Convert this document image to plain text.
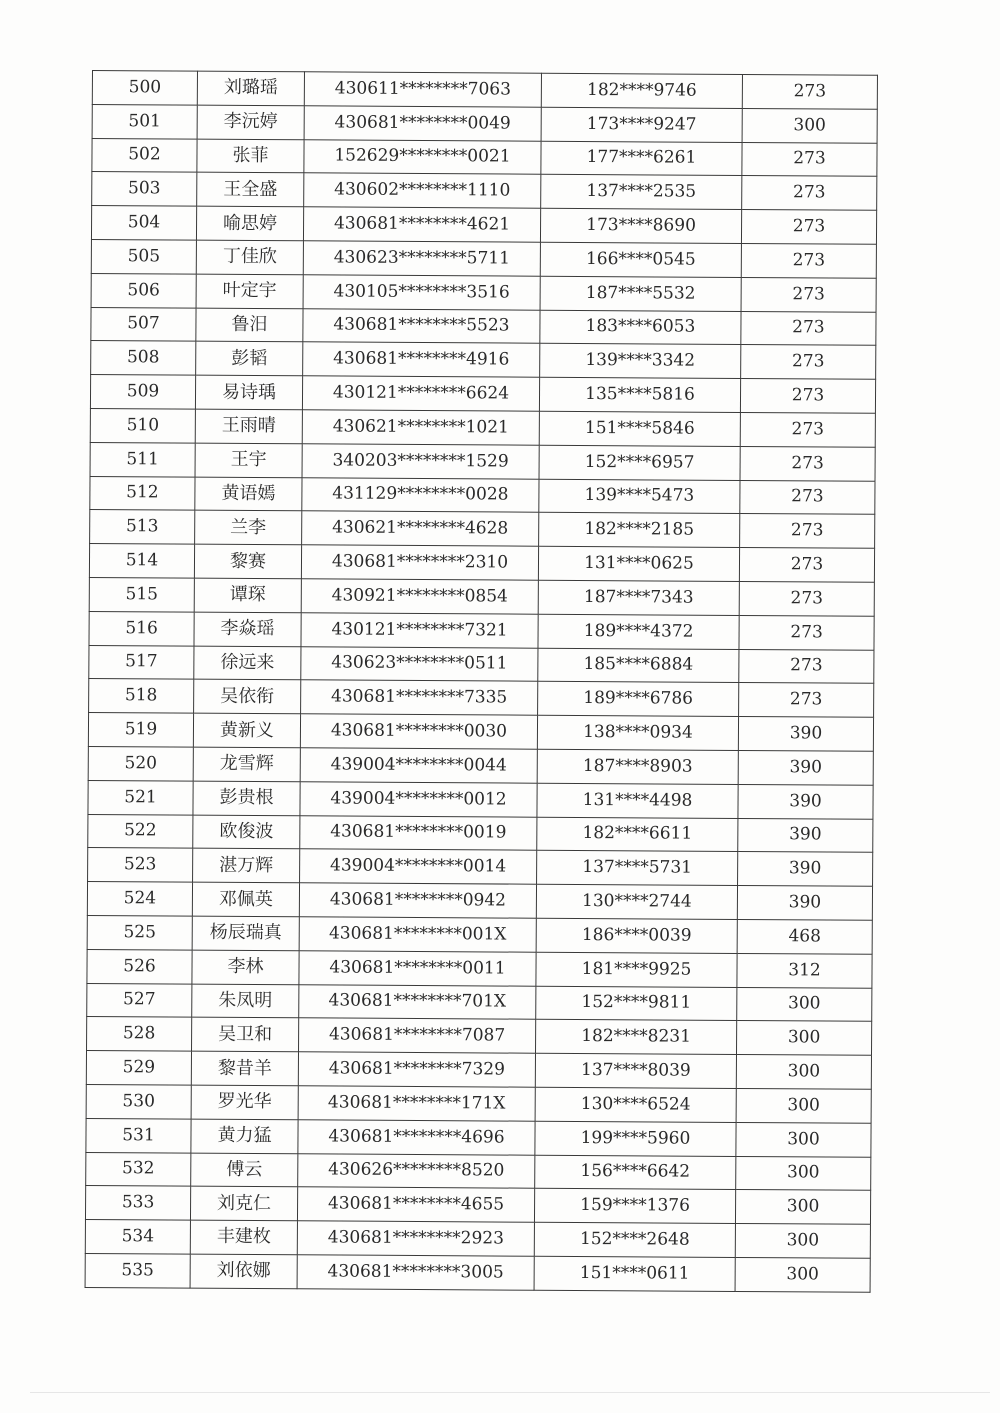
500	刘璐瑶	430611********7063	182****9746	273
501	李沅婷	430681********0049	173****9247	300
502	张菲	152629********0021	177****6261	273
503	王全盛	430602********1110	137****2535	273
504	喻思婷	430681********4621	173****8690	273
505	丁佳欣	430623********5711	166****0545	273
506	叶定宇	430105********3516	187****5532	273
507	鲁汨	430681********5523	183****6053	273
508	彭韬	430681********4916	139****3342	273
509	易诗瑀	430121********6624	135****5816	273
510	王雨晴	430621********1021	151****5846	273
511	王宇	340203********1529	152****6957	273
512	黄语嫣	431129********0028	139****5473	273
513	兰李	430621********4628	182****2185	273
514	黎赛	430681********2310	131****0625	273
515	谭琛	430921********0854	187****7343	273
516	李焱瑶	430121********7321	189****4372	273
517	徐远来	430623********0511	185****6884	273
518	吴依衔	430681********7335	189****6786	273
519	黄新义	430681********0030	138****0934	390
520	龙雪辉	439004********0044	187****8903	390
521	彭贵根	439004********0012	131****4498	390
522	欧俊波	430681********0019	182****6611	390
523	湛万辉	439004********0014	137****5731	390
524	邓佩英	430681********0942	130****2744	390
525	杨辰瑞真	430681********001X	186****0039	468
526	李林	430681********0011	181****9925	312
527	朱凤明	430681********701X	152****9811	300
528	吴卫和	430681********7087	182****8231	300
529	黎昔羊	430681********7329	137****8039	300
530	罗光华	430681********171X	130****6524	300
531	黄力猛	430681********4696	199****5960	300
532	傅云	430626********8520	156****6642	300
533	刘克仁	430681********4655	159****1376	300
534	丰建枚	430681********2923	152****2648	300
535	刘依娜	430681********3005	151****0611	300
